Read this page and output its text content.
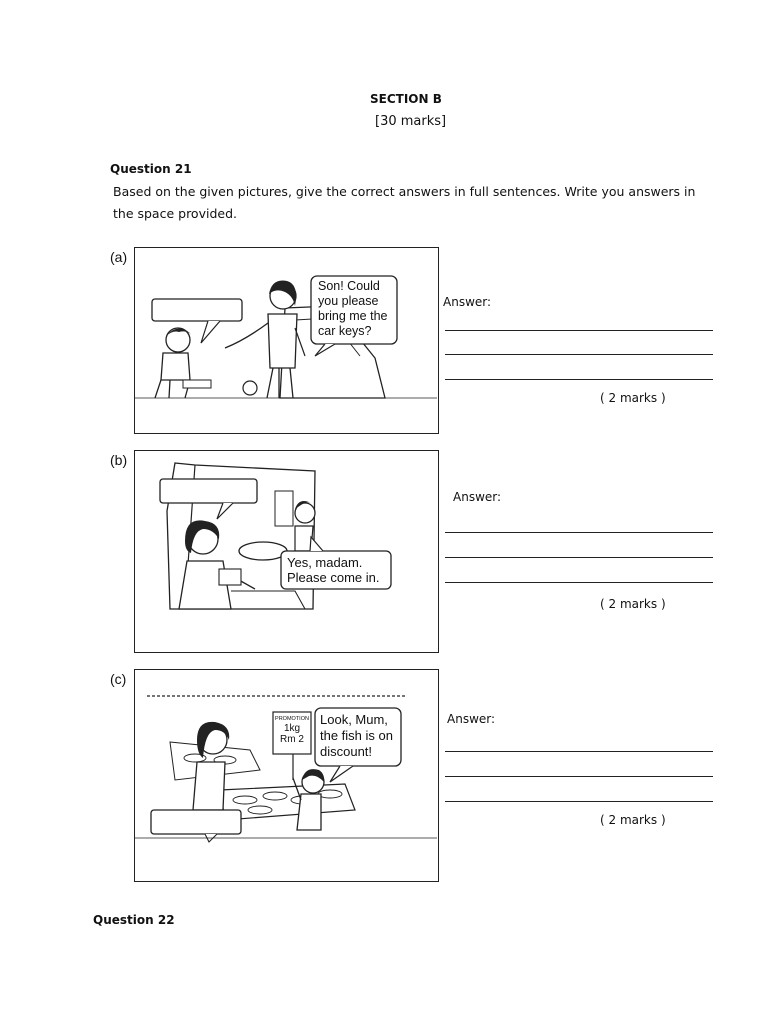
SECTION B
[30 marks]
Question 21
Based on the given pictures, give the correct answers in full sentences. Write you answers in the space provided.
(a)
Son! Could
you please
bring me the
car keys?
Answer:
( 2 marks )
(b)
Yes, madam.
Please come in.
Answer:
( 2 marks )
(c)
PROMOTION
1kg
Rm 2
Look, Mum,
the fish is on
discount!
Answer:
( 2 marks )
Question 22
